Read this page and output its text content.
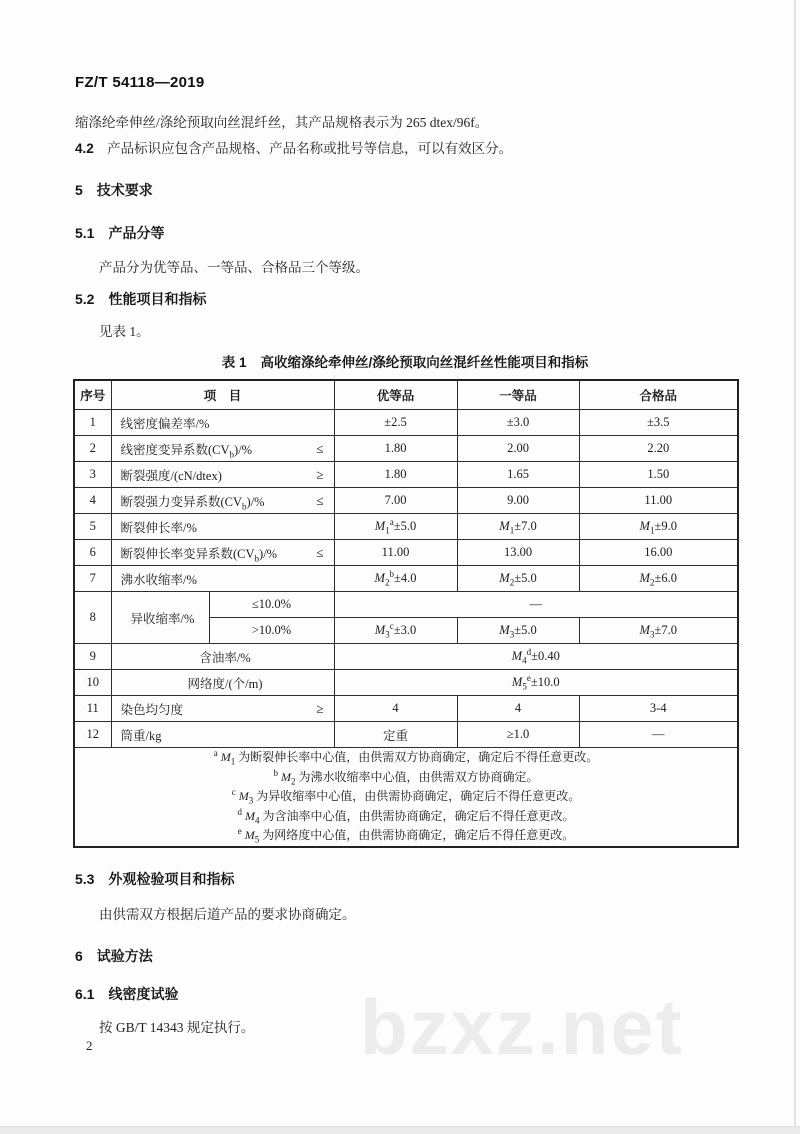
FZ/T 54118—2019
缩涤纶牵伸丝/涤纶预取向丝混纤丝，其产品规格表示为 265 dtex/96f。
4.2 产品标识应包含产品规格、产品名称或批号等信息，可以有效区分。
5 技术要求
5.1 产品分等
产品分为优等品、一等品、合格品三个等级。
5.2 性能项目和指标
见表 1。
表 1 高收缩涤纶牵伸丝/涤纶预取向丝混纤丝性能项目和指标
序号	项　目		优等品	一等品	合格品
1	线密度偏差率/%		±2.5	±3.0	±3.5
2	线密度变异系数$(CV_b)/\%$ ≤		1.80	2.00	2.20
3	断裂强度/(cN/dtex) ≥		1.80	1.65	1.50
4	断裂强力变异系数$(CV_b)/\%$ ≤		7.00	9.00	11.00
5	断裂伸长率/%		$M_1^a\pm 5.0$	$M_1\pm 7.0$	$M_1\pm 9.0$
6	断裂伸长率变异系数$(CV_b)/\%$ ≤		11.00	13.00	16.00
7	沸水收缩率/%		$M_2^b\pm 4.0$	$M_2\pm 5.0$	$M_2\pm 6.0$
8	异收缩率/%	≤10.0%	—		
		>10.0%	$M_3^c\pm 3.0$	$M_3\pm 5.0$	$M_3\pm 7.0$
9	含油率/%		$M_4^d\pm 0.40$		
10	网络度/(个/m)		$M_5^e\pm 10.0$		
11	染色均匀度 ≥		4	4	3-4
12	筒重/kg		定重	≥1.0	—

$^a$ $M_1$ 为断裂伸长率中心值，由供需双方协商确定，确定后不得任意更改。
$^b$ $M_2$ 为沸水收缩率中心值，由供需双方协商确定。
$^c$ $M_3$ 为异收缩率中心值，由供需协商确定，确定后不得任意更改。
$^d$ $M_4$ 为含油率中心值，由供需协商确定，确定后不得任意更改。
$^e$ $M_5$ 为网络度中心值，由供需协商确定，确定后不得任意更改。					
5.3 外观检验项目和指标
由供需双方根据后道产品的要求协商确定。
6 试验方法
6.1 线密度试验
按 GB/T 14343 规定执行。
2	bzxz.net
